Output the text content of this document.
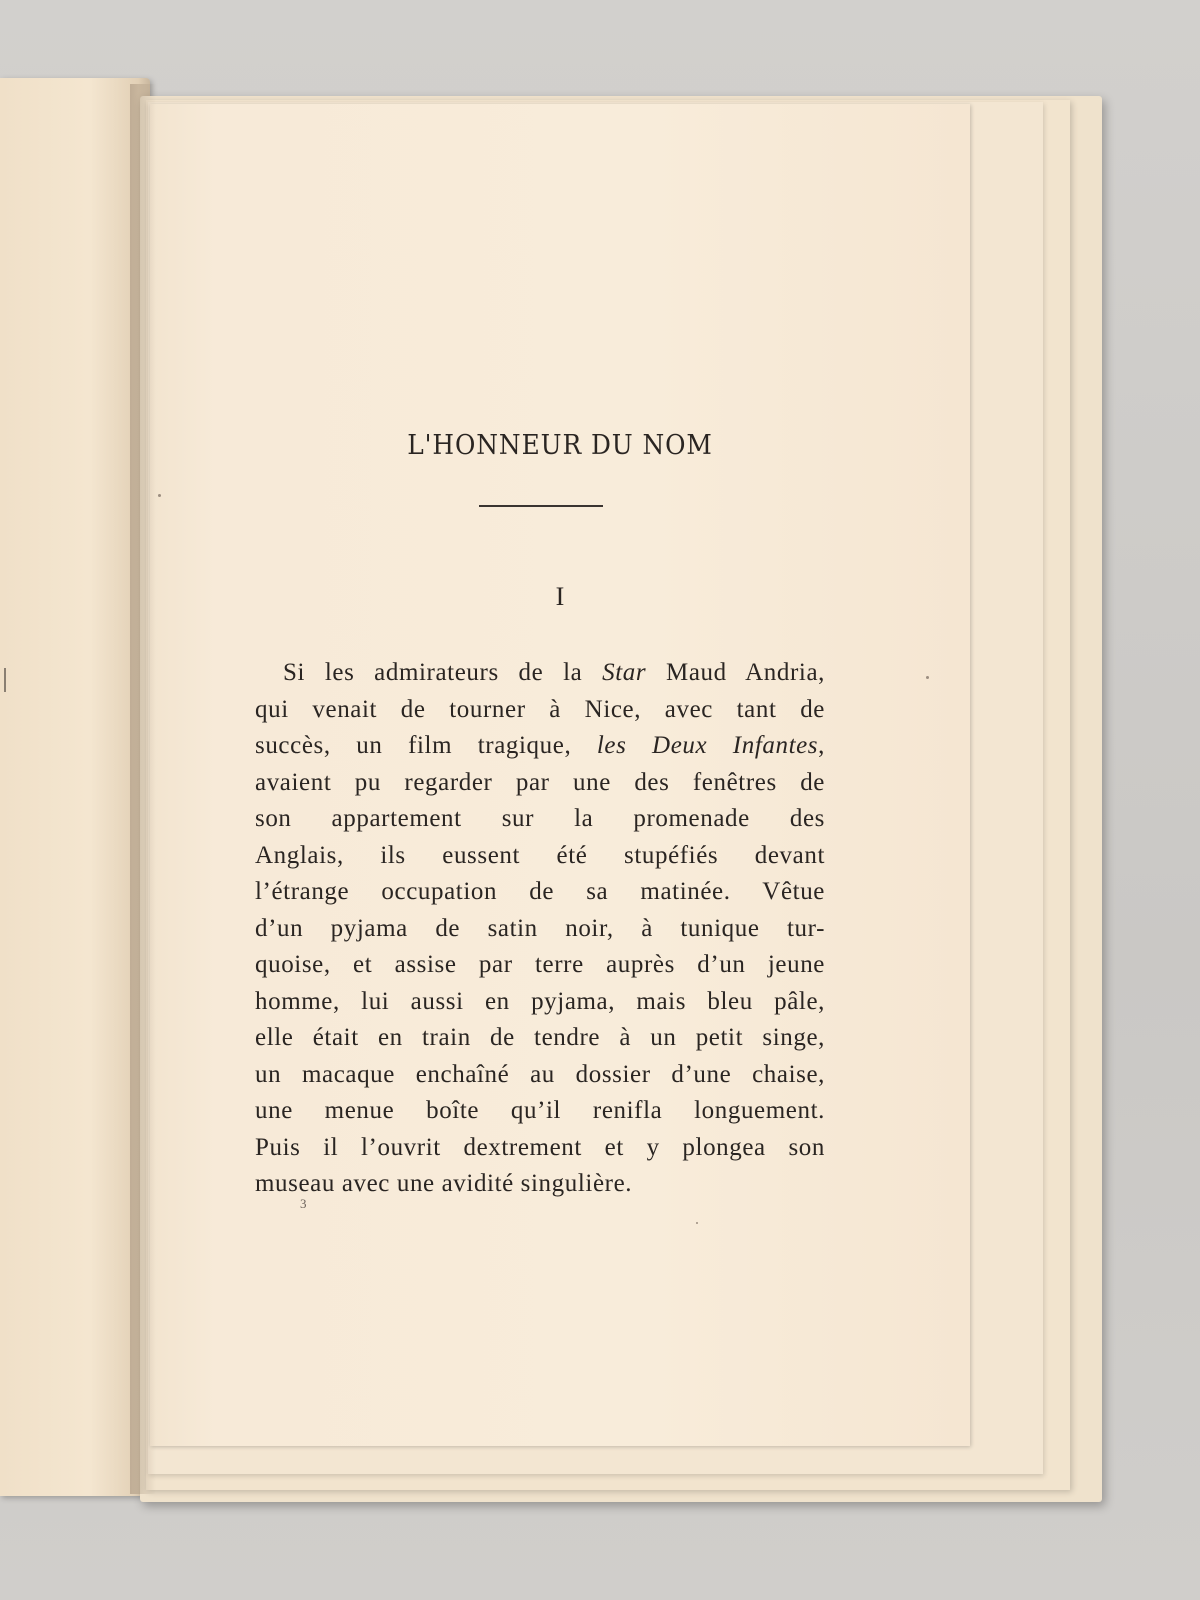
L'HONNEUR DU NOM
I
Si les admirateurs de la Star Maud Andria,
qui venait de tourner à Nice, avec tant de
succès, un film tragique, les Deux Infantes,
avaient pu regarder par une des fenêtres de
son appartement sur la promenade des
Anglais, ils eussent été stupéfiés devant
l’étrange occupation de sa matinée. Vêtue
d’un pyjama de satin noir, à tunique tur-
quoise, et assise par terre auprès d’un jeune
homme, lui aussi en pyjama, mais bleu pâle,
elle était en train de tendre à un petit singe,
un macaque enchaîné au dossier d’une chaise,
une menue boîte qu’il renifla longuement.
Puis il l’ouvrit dextrement et y plongea son
museau avec une avidité singulière.
3
